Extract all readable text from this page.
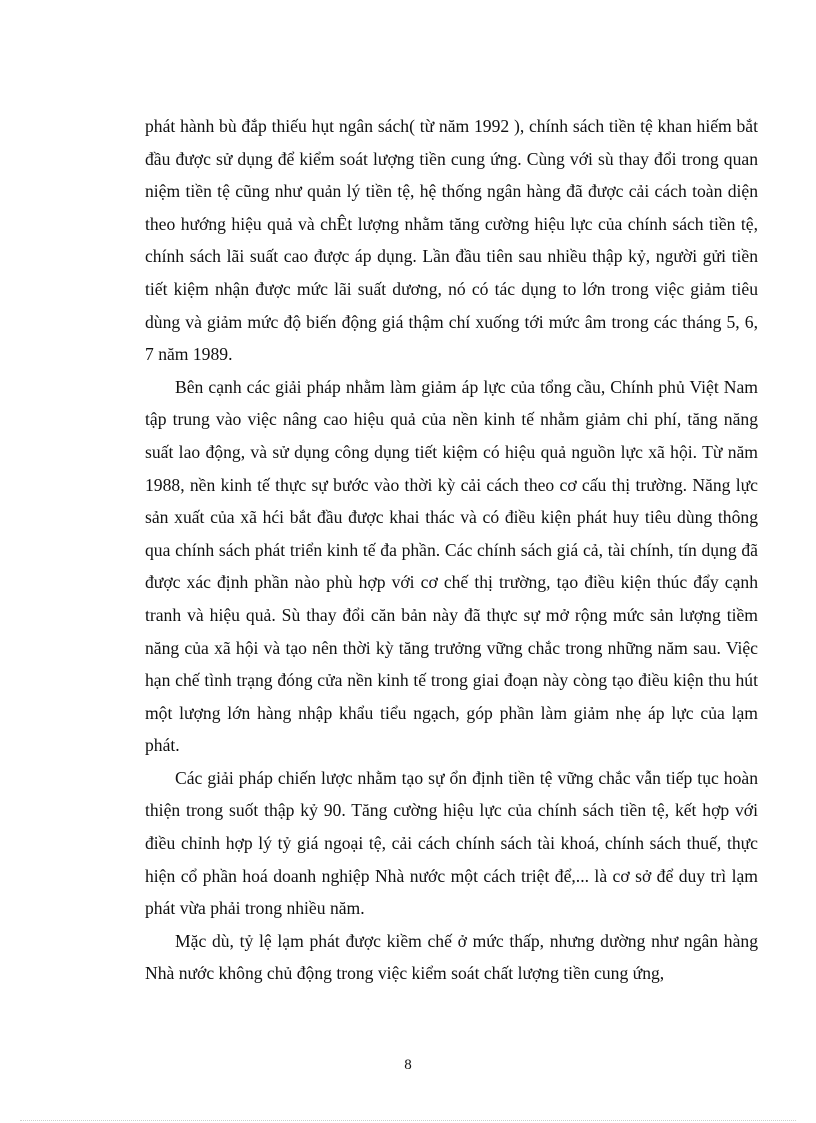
phát hành bù đắp thiếu hụt ngân sách( từ năm 1992 ), chính sách tiền tệ khan hiếm bắt đầu được sử dụng để kiểm soát lượng tiền cung ứng. Cùng với sù thay đổi trong quan niệm tiền tệ cũng như quản lý tiền tệ, hệ thống ngân hàng đã được cải cách toàn diện theo hướng hiệu quả và chÊt lượng nhằm tăng cường hiệu lực của chính sách tiền tệ, chính sách lãi suất cao được áp dụng. Lần đầu tiên sau nhiều thập kỷ, người gửi tiền tiết kiệm nhận được mức lãi suất dương, nó có tác dụng to lớn trong việc giảm tiêu dùng và giảm mức độ biến động giá thậm chí xuống tới mức âm trong các tháng 5, 6, 7 năm 1989.

Bên cạnh các giải pháp nhằm làm giảm áp lực của tổng cầu, Chính phủ Việt Nam tập trung vào việc nâng cao hiệu quả của nền kinh tế nhằm giảm chi phí, tăng năng suất lao động, và sử dụng công dụng tiết kiệm có hiệu quả nguồn lực xã hội. Từ năm 1988, nền kinh tế thực sự bước vào thời kỳ cải cách theo cơ cấu thị trường. Năng lực sản xuất của xã hći bắt đầu được khai thác và có điều kiện phát huy tiêu dùng thông qua chính sách phát triển kinh tế đa phần. Các chính sách giá cả, tài chính, tín dụng đã được xác định phần nào phù hợp với cơ chế thị trường, tạo điều kiện thúc đẩy cạnh tranh và hiệu quả. Sù thay đổi căn bản này đã thực sự mở rộng mức sản lượng tiềm năng của xã hội và tạo nên thời kỳ tăng trưởng vững chắc trong những năm sau. Việc hạn chế tình trạng đóng cửa nền kinh tế trong giai đoạn này còng tạo điều kiện thu hút một lượng lớn hàng nhập khẩu tiểu ngạch, góp phần làm giảm nhẹ áp lực của lạm phát.

Các giải pháp chiến lược nhằm tạo sự ổn định tiền tệ vững chắc vẫn tiếp tục hoàn thiện trong suốt thập kỷ 90. Tăng cường hiệu lực của chính sách tiền tệ, kết hợp với điều chỉnh hợp lý tỷ giá ngoại tệ, cải cách chính sách tài khoá, chính sách thuế, thực hiện cổ phần hoá doanh nghiệp Nhà nước một cách triệt để,... là cơ sở để duy trì lạm phát vừa phải trong nhiều năm.

Mặc dù, tỷ lệ lạm phát được kiềm chế ở mức thấp, nhưng dường như ngân hàng Nhà nước không chủ động trong việc kiểm soát chất lượng tiền cung ứng,

8
